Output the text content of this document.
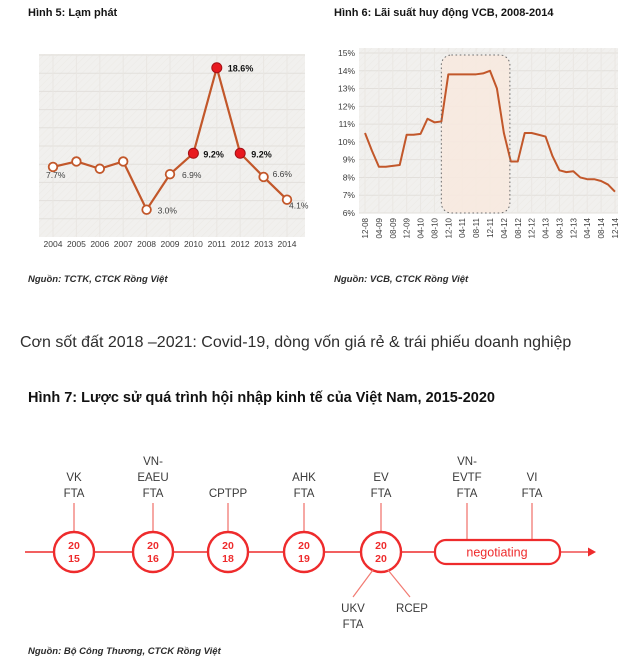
Hình 5: Lạm phát	Hình 6: Lãi suất huy động VCB, 2008-2014
7.7%
3.0%
6.9%
9.2%
18.6%
9.2%
6.6%
4.1%
2004 2005 2006 2007 2008 2009 2010 2011 2012 2013 2014
6%
7%
8%
9%
10%
11%
12%
13%
14%
15%
12-08 04-09 08-09 12-09 04-10 08-10 12-10 04-11 08-11 12-11 04-12 08-12 12-12 04-13 08-13 12-13 04-14 08-14 12-14
Nguồn: TCTK, CTCK Rồng Việt	Nguồn: VCB, CTCK Rồng Việt
Cơn sốt đất 2018 –2021: Covid-19, dòng vốn giá rẻ & trái phiếu doanh nghiệp
Hình 7: Lược sử quá trình hội nhập kinh tế của Việt Nam, 2015-2020
VK
FTA
20
15
VN-
EAEU
FTA
20
16
CPTPP
20
18
AHK
FTA
20
19
EV
FTA
20
20
UKV
FTA
RCEP
VN-
EVTF
FTA
VI
FTA
negotiating
Nguồn: Bộ Công Thương, CTCK Rồng Việt
